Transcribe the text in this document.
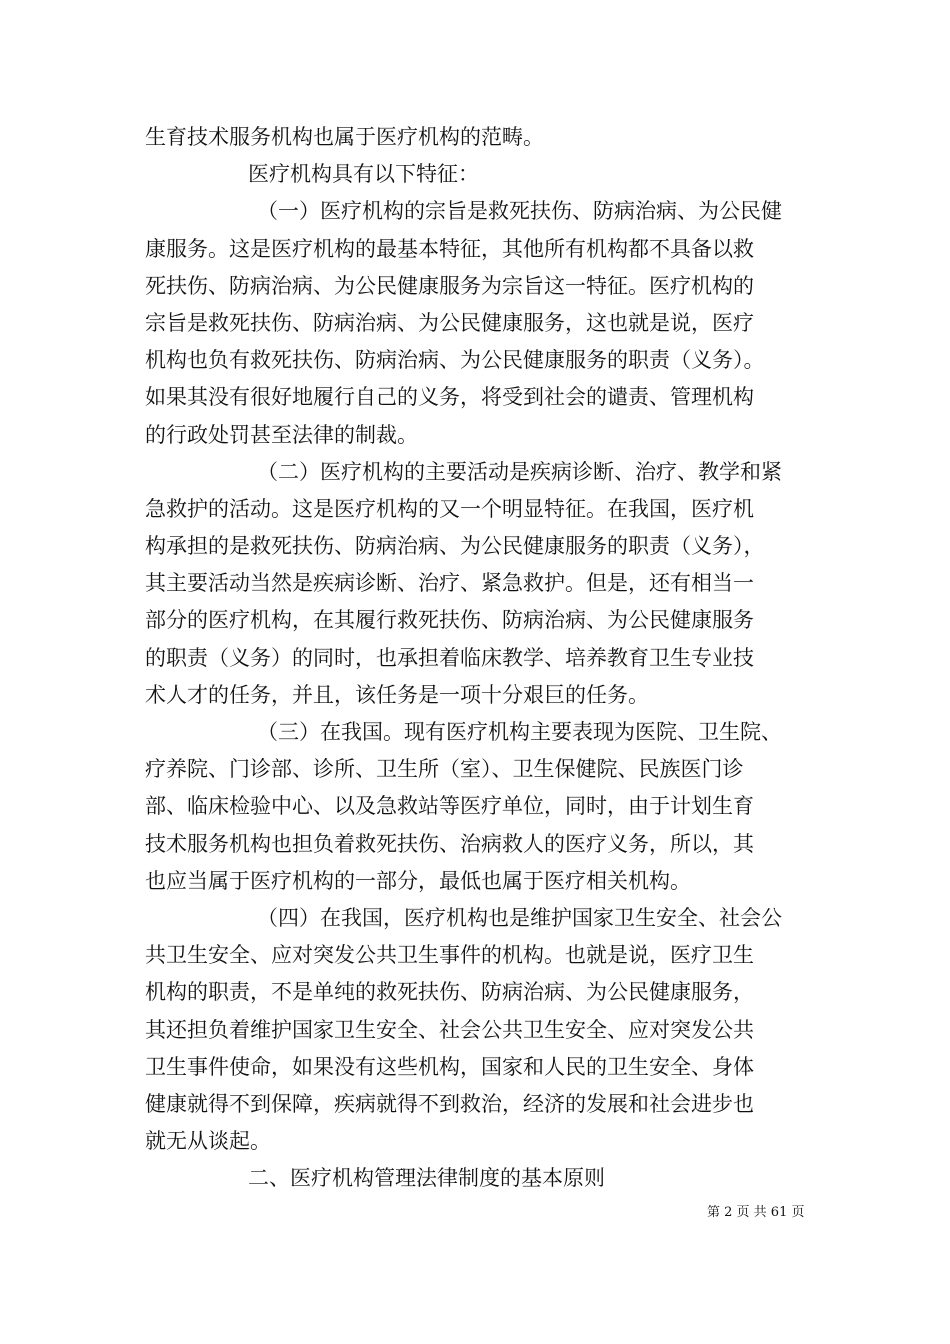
生育技术服务机构也属于医疗机构的范畴。
医疗机构具有以下特征：
（一）医疗机构的宗旨是救死扶伤、防病治病、为公民健
康服务。这是医疗机构的最基本特征，其他所有机构都不具备以救
死扶伤、防病治病、为公民健康服务为宗旨这一特征。医疗机构的
宗旨是救死扶伤、防病治病、为公民健康服务，这也就是说，医疗
机构也负有救死扶伤、防病治病、为公民健康服务的职责（义务）。
如果其没有很好地履行自己的义务，将受到社会的谴责、管理机构
的行政处罚甚至法律的制裁。
（二）医疗机构的主要活动是疾病诊断、治疗、教学和紧
急救护的活动。这是医疗机构的又一个明显特征。在我国，医疗机
构承担的是救死扶伤、防病治病、为公民健康服务的职责（义务），
其主要活动当然是疾病诊断、治疗、紧急救护。但是，还有相当一
部分的医疗机构，在其履行救死扶伤、防病治病、为公民健康服务
的职责（义务）的同时，也承担着临床教学、培养教育卫生专业技
术人才的任务，并且，该任务是一项十分艰巨的任务。
（三）在我国。现有医疗机构主要表现为医院、卫生院、
疗养院、门诊部、诊所、卫生所（室）、卫生保健院、民族医门诊
部、临床检验中心、以及急救站等医疗单位，同时，由于计划生育
技术服务机构也担负着救死扶伤、治病救人的医疗义务，所以，其
也应当属于医疗机构的一部分，最低也属于医疗相关机构。
（四）在我国，医疗机构也是维护国家卫生安全、社会公
共卫生安全、应对突发公共卫生事件的机构。也就是说，医疗卫生
机构的职责，不是单纯的救死扶伤、防病治病、为公民健康服务，
其还担负着维护国家卫生安全、社会公共卫生安全、应对突发公共
卫生事件使命，如果没有这些机构，国家和人民的卫生安全、身体
健康就得不到保障，疾病就得不到救治，经济的发展和社会进步也
就无从谈起。
二、医疗机构管理法律制度的基本原则
第 2 页 共 61 页
